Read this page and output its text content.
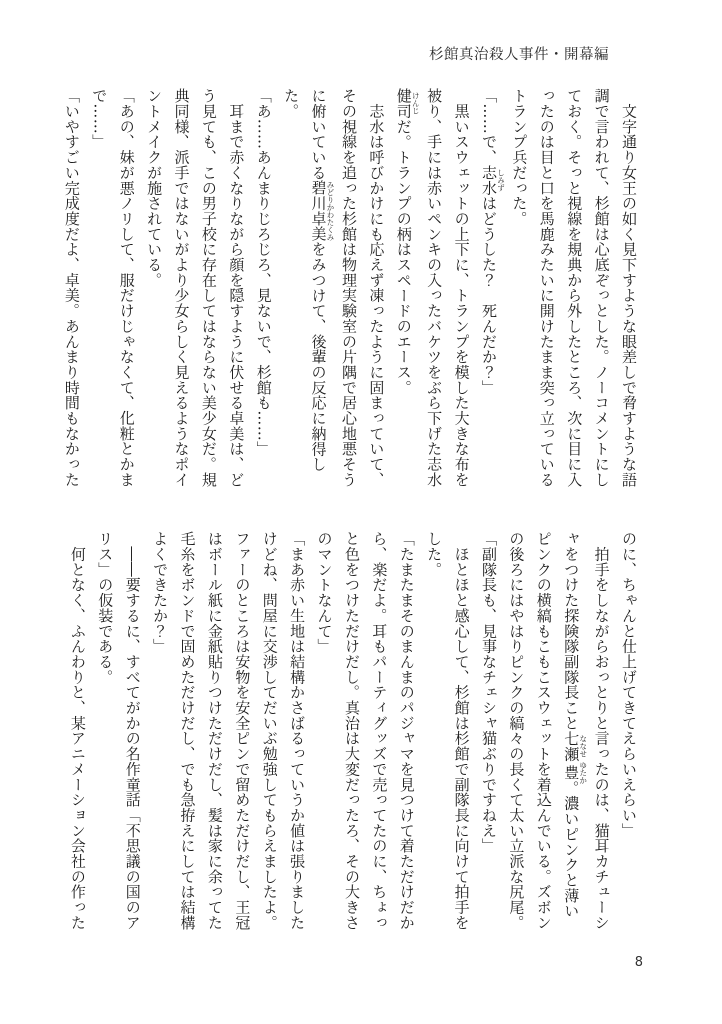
杉館真治殺人事件・開幕編
　文字通り女王の如く見下すような眼差しで脅すような語
調で言われて、杉館は心底ぞっとした。ノーコメントにし
ておく。そっと視線を規典から外したところ、次に目に入
ったのは目と口を馬鹿みたいに開けたまま突っ立っている
トランプ兵だった。
「……で、志水しみずはどうした？　死んだか？」
　黒いスウェットの上下に、トランプを模した大きな布を
被り、手には赤いペンキの入ったバケツをぶら下げた志水
健司けんじだ。トランプの柄はスペードのエース。
　志水は呼びかけにも応えず凍ったように固まっていて、
その視線を追った杉館は物理実験室の片隅で居心地悪そう
に俯いている碧川卓美みどりかわたくみをみつけて、後輩の反応に納得し
た。
「あ……あんまりじろじろ、見ないで、杉館も……」
　耳まで赤くなりながら顔を隠すように伏せる卓美は、ど
う見ても、この男子校に存在してはならない美少女だ。規
典同様、派手ではないがより少女らしく見えるようなポイ
ントメイクが施されている。
「あの、妹が悪ノリして、服だけじゃなくて、化粧とかま
で……」
「いやすごい完成度だよ、卓美。あんまり時間もなかった
のに、ちゃんと仕上げてきてえらいえらい」
　拍手をしながらおっとりと言ったのは、猫耳カチューシ
ャをつけた探険隊副隊長こと七瀬ななせ豊ゆたか。濃いピンクと薄い
ピンクの横縞もこもこスウェットを着込んでいる。ズボン
の後ろにはやはりピンクの縞々の長くて太い立派な尻尾。
「副隊長も、見事なチェシャ猫ぶりですねえ」
　ほとほと感心して、杉館は杉館で副隊長に向けて拍手を
した。
「たまたまそのまんまのパジャマを見つけて着ただけだか
ら、楽だよ。耳もパーティグッズで売ってたのに、ちょっ
と色をつけただけだし。真治は大変だったろ、その大きさ
のマントなんて」
「まあ赤い生地は結構かさばるっていうか値は張りました
けどね、問屋に交渉してだいぶ勉強してもらえましたよ。
ファーのところは安物を安全ピンで留めただけだし、王冠
はボール紙に金紙貼りつけただけだし、髪は家に余ってた
毛糸をボンドで固めただけだし、でも急拵えにしては結構
よくできたか？」
　――要するに、すべてがかの名作童話「不思議の国のア
リス」の仮装である。
　何となく、ふんわりと、某アニメーション会社の作った
8
